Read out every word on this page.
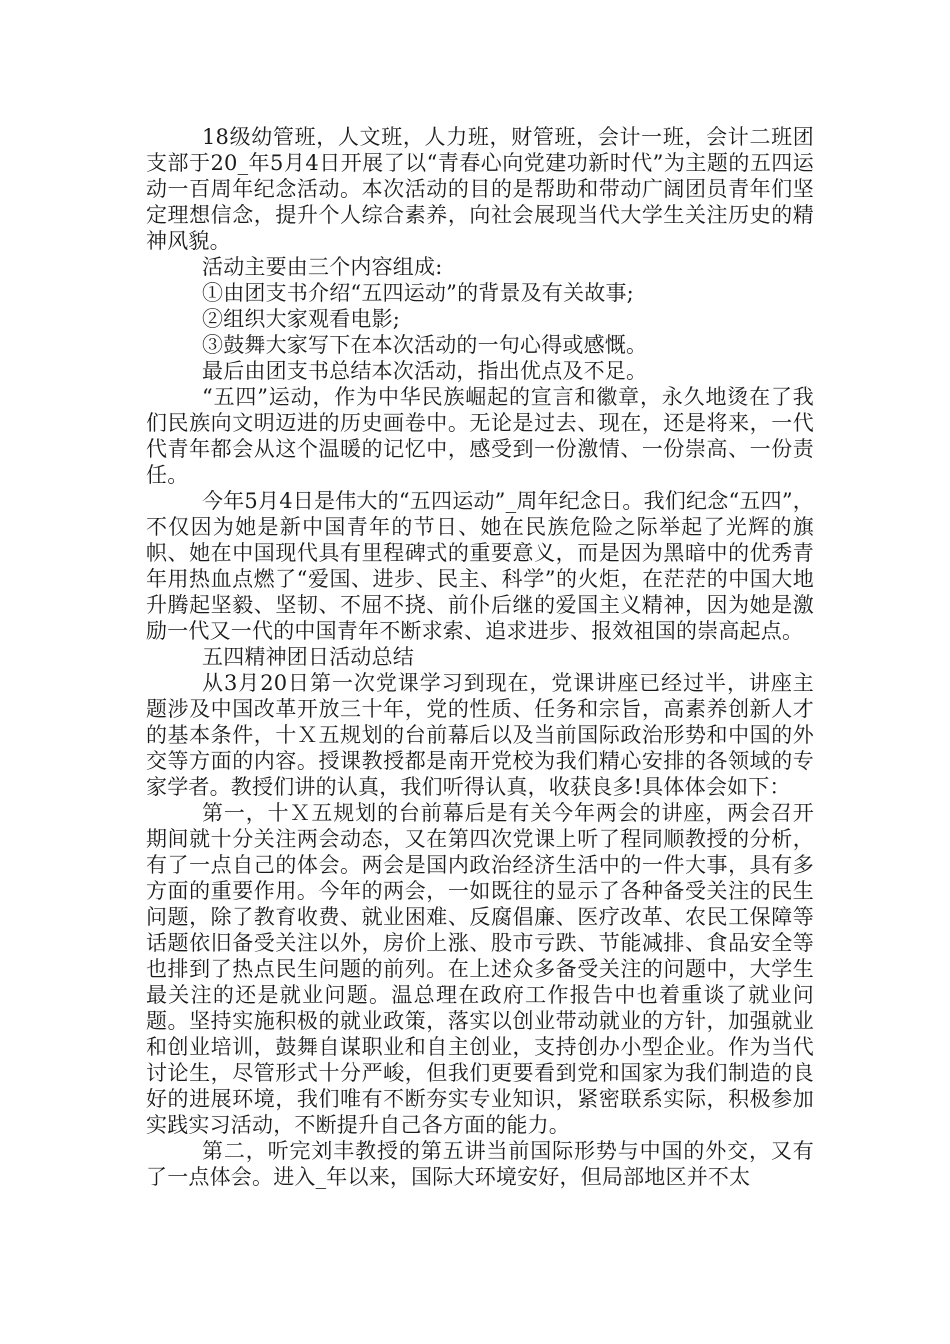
18级幼管班，人文班，人力班，财管班，会计一班，会计二班团支部于20_年5月4日开展了以“青春心向党建功新时代”为主题的五四运动一百周年纪念活动。本次活动的目的是帮助和带动广阔团员青年们坚定理想信念，提升个人综合素养，向社会展现当代大学生关注历史的精神风貌。

活动主要由三个内容组成:

①由团支书介绍“五四运动”的背景及有关故事;

②组织大家观看电影;

③鼓舞大家写下在本次活动的一句心得或感慨。

最后由团支书总结本次活动，指出优点及不足。

“五四”运动，作为中华民族崛起的宣言和徽章，永久地烫在了我们民族向文明迈进的历史画卷中。无论是过去、现在，还是将来，一代代青年都会从这个温暖的记忆中，感受到一份激情、一份崇高、一份责任。

今年5月4日是伟大的“五四运动”_周年纪念日。我们纪念“五四”，不仅因为她是新中国青年的节日、她在民族危险之际举起了光辉的旗帜、她在中国现代具有里程碑式的重要意义，而是因为黑暗中的优秀青年用热血点燃了“爱国、进步、民主、科学”的火炬，在茫茫的中国大地升腾起坚毅、坚韧、不屈不挠、前仆后继的爱国主义精神，因为她是激励一代又一代的中国青年不断求索、追求进步、报效祖国的崇高起点。

五四精神团日活动总结

从3月20日第一次党课学习到现在，党课讲座已经过半，讲座主题涉及中国改革开放三十年，党的性质、任务和宗旨，高素养创新人才的基本条件，十Ｘ五规划的台前幕后以及当前国际政治形势和中国的外交等方面的内容。授课教授都是南开党校为我们精心安排的各领域的专家学者。教授们讲的认真，我们听得认真，收获良多!具体体会如下：

第一，十Ｘ五规划的台前幕后是有关今年两会的讲座，两会召开期间就十分关注两会动态，又在第四次党课上听了程同顺教授的分析，有了一点自己的体会。两会是国内政治经济生活中的一件大事，具有多方面的重要作用。今年的两会，一如既往的显示了各种备受关注的民生问题，除了教育收费、就业困难、反腐倡廉、医疗改革、农民工保障等话题依旧备受关注以外，房价上涨、股市亏跌、节能减排、食品安全等也排到了热点民生问题的前列。在上述众多备受关注的问题中，大学生最关注的还是就业问题。温总理在政府工作报告中也着重谈了就业问题。坚持实施积极的就业政策，落实以创业带动就业的方针，加强就业和创业培训，鼓舞自谋职业和自主创业，支持创办小型企业。作为当代讨论生，尽管形式十分严峻，但我们更要看到党和国家为我们制造的良好的进展环境，我们唯有不断夯实专业知识，紧密联系实际，积极参加实践实习活动，不断提升自己各方面的能力。

第二，听完刘丰教授的第五讲当前国际形势与中国的外交，又有了一点体会。进入_年以来，国际大环境安好，但局部地区并不太
